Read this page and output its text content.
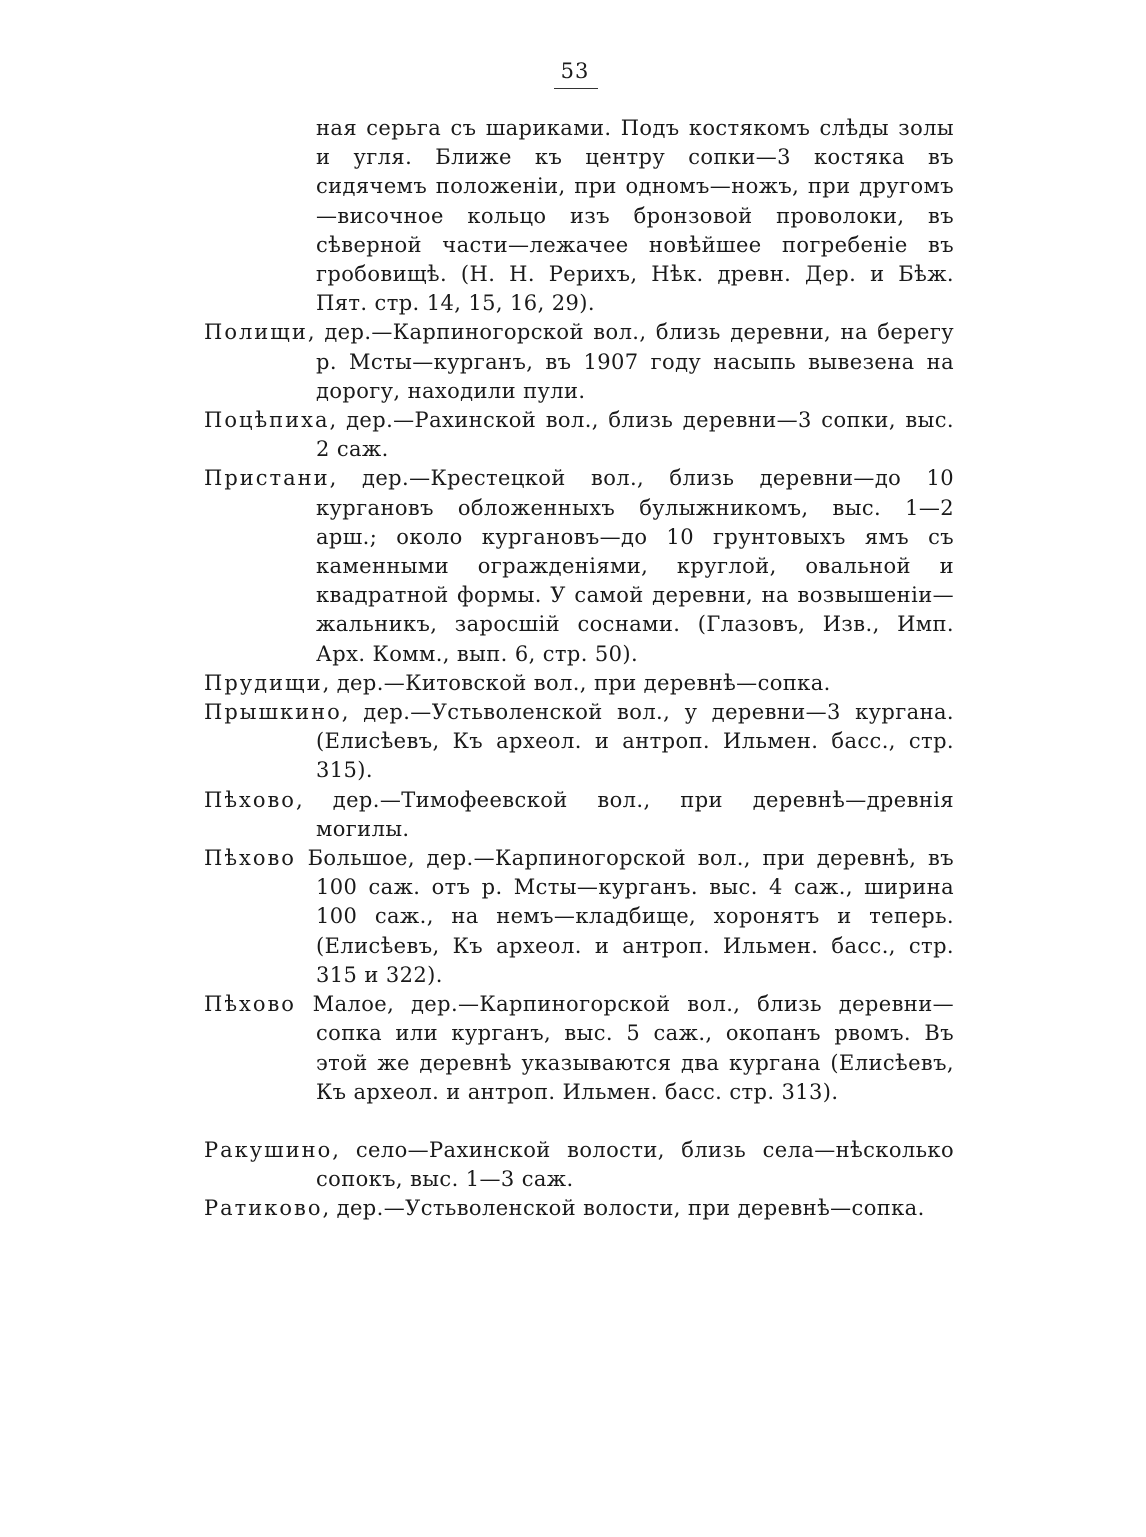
53

ная серьга съ шариками. Подъ костякомъ слѣды золы и угля. Ближе къ центру сопки—3 костяка въ сидячемъ положенiи, при одномъ—ножъ, при другомъ—височное кольцо изъ бронзовой проволоки, въ сѣверной части—лежачее новѣйшее погребенiе въ гробовищѣ. (Н. Н. Рерихъ, Нѣк. древн. Дер. и Бѣж. Пят. стр. 14, 15, 16, 29).

Полищи, дер.—Карпиногорской вол., близь деревни, на берегу р. Мсты—курганъ, въ 1907 году насыпь вывезена на дорогу, находили пули.

Поцѣпиха, дер.—Рахинской вол., близь деревни—3 сопки, выс. 2 саж.

Пристани, дер.—Крестецкой вол., близь деревни—до 10 кургановъ обложенныхъ булыжникомъ, выс. 1—2 арш.; около кургановъ—до 10 грунтовыхъ ямъ съ каменными огражденiями, круглой, овальной и квадратной формы. У самой деревни, на возвышенiи—жальникъ, заросшiй соснами. (Глазовъ, Изв., Имп. Арх. Комм., вып. 6, стр. 50).

Прудищи, дер.—Китовской вол., при деревнѣ—сопка.

Прышкино, дер.—Устьволенской вол., у деревни—3 кургана. (Елисѣевъ, Къ археол. и антроп. Ильмен. басс., стр. 315).

Пѣхово, дер.—Тимофеевской вол., при деревнѣ—древнiя могилы.

Пѣхово Большое, дер.—Карпиногорской вол., при деревнѣ, въ 100 саж. отъ р. Мсты—курганъ. выс. 4 саж., ширина 100 саж., на немъ—кладбище, хоронятъ и теперь. (Елисѣевъ, Къ археол. и антроп. Ильмен. басс., стр. 315 и 322).

Пѣхово Малое, дер.—Карпиногорской вол., близь деревни—сопка или курганъ, выс. 5 саж., окопанъ рвомъ. Въ этой же деревнѣ указываются два кургана (Елисѣевъ, Къ археол. и антроп. Ильмен. басс. стр. 313).

Ракушино, село—Рахинской волости, близь села—нѣсколько сопокъ, выс. 1—3 саж.

Ратиково, дер.—Устьволенской волости, при деревнѣ—сопка.
